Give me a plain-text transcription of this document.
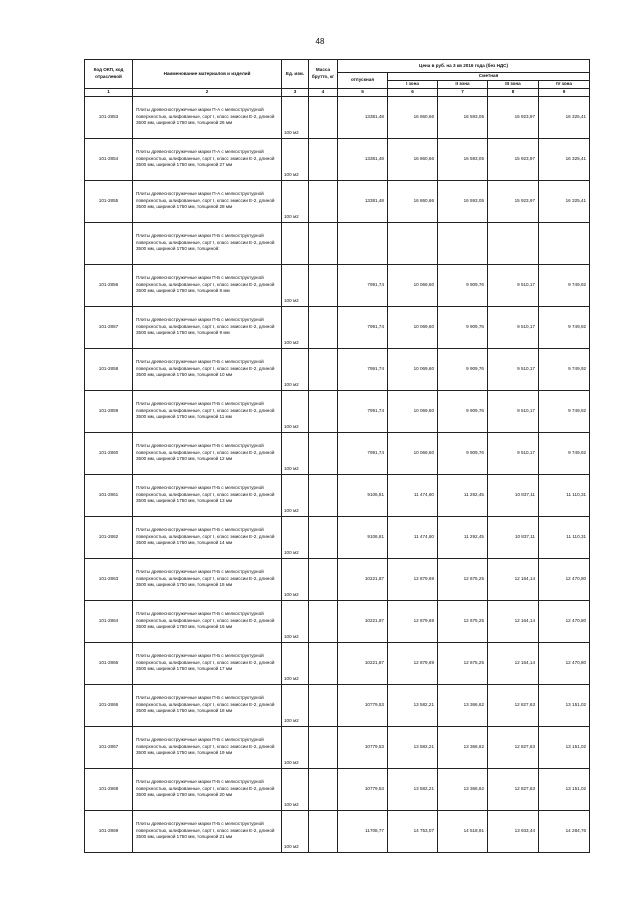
48
Код ОКП, код отраслевой	Наименование материалов и изделий	Ед. изм.	Масса брутто, кг	Цена в руб. на 3 кв 2016 года (без НДС)				
				отпускная	Сметная			
					I зона	II зона	III зона	IV зона
1	2	3	4	5	6	7	8	9
101-2853	Плиты древесностружечные марки П-А с мелкоструктурной поверхностью, шлифованные, сорт I, класс эмиссии Е-2, длиной 3500 мм, шириной 1750 мм, толщиной 26 мм	100 м2		13381,48	16 860,66	16 593,05	15 923,97	16 325,41
101-2854	Плиты древесностружечные марки П-А с мелкоструктурной поверхностью, шлифованные, сорт I, класс эмиссии Е-2, длиной 3500 мм, шириной 1750 мм, толщиной 27 мм	100 м2		13381,48	16 860,66	16 593,05	15 923,97	16 325,41
101-2855	Плиты древесностружечные марки П-А с мелкоструктурной поверхностью, шлифованные, сорт I, класс эмиссии Е-2, длиной 3500 мм, шириной 1750 мм, толщиной 28 мм	100 м2		13381,48	16 860,66	16 593,05	15 923,97	16 325,41
	Плиты древесностружечные марки П-Б с мелкоструктурной поверхностью, шлифованные, сорт I, класс эмиссии Е-2, длиной 3500 мм, шириной 1750 мм, толщиной:							
101-2856	Плиты древесностружечные марки П-Б с мелкоструктурной поверхностью, шлифованные, сорт I, класс эмиссии Е-2, длиной 3500 мм, шириной 1750 мм, толщиной 8 мм	100 м2		7991,74	10 069,60	9 909,76	9 510,17	9 749,92
101-2857	Плиты древесностружечные марки П-Б с мелкоструктурной поверхностью, шлифованные, сорт I, класс эмиссии Е-2, длиной 3500 мм, шириной 1750 мм, толщиной 9 мм	100 м2		7991,74	10 069,60	9 909,76	9 510,17	9 749,92
101-2858	Плиты древесностружечные марки П-Б с мелкоструктурной поверхностью, шлифованные, сорт I, класс эмиссии Е-2, длиной 3500 мм, шириной 1750 мм, толщиной 10 мм	100 м2		7991,74	10 069,60	9 909,76	9 510,17	9 749,92
101-2859	Плиты древесностружечные марки П-Б с мелкоструктурной поверхностью, шлифованные, сорт I, класс эмиссии Е-2, длиной 3500 мм, шириной 1750 мм, толщиной 11 мм	100 м2		7991,74	10 069,60	9 909,76	9 510,17	9 749,92
101-2860	Плиты древесностружечные марки П-Б с мелкоструктурной поверхностью, шлифованные, сорт I, класс эмиссии Е-2, длиной 3500 мм, шириной 1750 мм, толщиной 12 мм	100 м2		7991,74	10 069,60	9 909,76	9 510,17	9 749,92
101-2861	Плиты древесностружечные марки П-Б с мелкоструктурной поверхностью, шлифованные, сорт I, класс эмиссии Е-2, длиной 3500 мм, шириной 1750 мм, толщиной 13 мм	100 м2		9106,81	11 474,60	11 292,45	10 837,11	11 110,31
101-2862	Плиты древесностружечные марки П-Б с мелкоструктурной поверхностью, шлифованные, сорт I, класс эмиссии Е-2, длиной 3500 мм, шириной 1750 мм, толщиной 14 мм	100 м2		9106,81	11 474,60	11 292,45	10 837,11	11 110,31
101-2863	Плиты древесностружечные марки П-Б с мелкоструктурной поверхностью, шлифованные, сорт I, класс эмиссии Е-2, длиной 3500 мм, шириной 1750 мм, толщиной 15 мм	100 м2		10221,87	12 879,69	12 675,25	12 164,14	12 470,80
101-2864	Плиты древесностружечные марки П-Б с мелкоструктурной поверхностью, шлифованные, сорт I, класс эмиссии Е-2, длиной 3500 мм, шириной 1750 мм, толщиной 16 мм	100 м2		10221,87	12 879,69	12 675,25	12 164,14	12 470,80
101-2865	Плиты древесностружечные марки П-Б с мелкоструктурной поверхностью, шлифованные, сорт I, класс эмиссии Е-2, длиной 3500 мм, шириной 1750 мм, толщиной 17 мм	100 м2		10221,87	12 879,69	12 675,25	12 164,14	12 470,80
101-2866	Плиты древесностружечные марки П-Б с мелкоструктурной поверхностью, шлифованные, сорт I, класс эмиссии Е-2, длиной 3500 мм, шириной 1750 мм, толщиной 18 мм	100 м2		10779,53	13 582,21	13 366,62	12 827,63	13 151,02
101-2867	Плиты древесностружечные марки П-Б с мелкоструктурной поверхностью, шлифованные, сорт I, класс эмиссии Е-2, длиной 3500 мм, шириной 1750 мм, толщиной 19 мм	100 м2		10779,53	13 582,21	13 366,62	12 827,63	13 151,02
101-2868	Плиты древесностружечные марки П-Б с мелкоструктурной поверхностью, шлифованные, сорт I, класс эмиссии Е-2, длиной 3500 мм, шириной 1750 мм, толщиной 20 мм	100 м2		10779,53	13 582,21	13 366,62	12 827,63	13 151,02
101-2869	Плиты древесностружечные марки П-Б с мелкоструктурной поверхностью, шлифованные, сорт I, класс эмиссии Е-2, длиной 3500 мм, шириной 1750 мм, толщиной 21 мм	100 м2		11708,77	14 753,07	14 518,91	13 933,44	14 284,76
